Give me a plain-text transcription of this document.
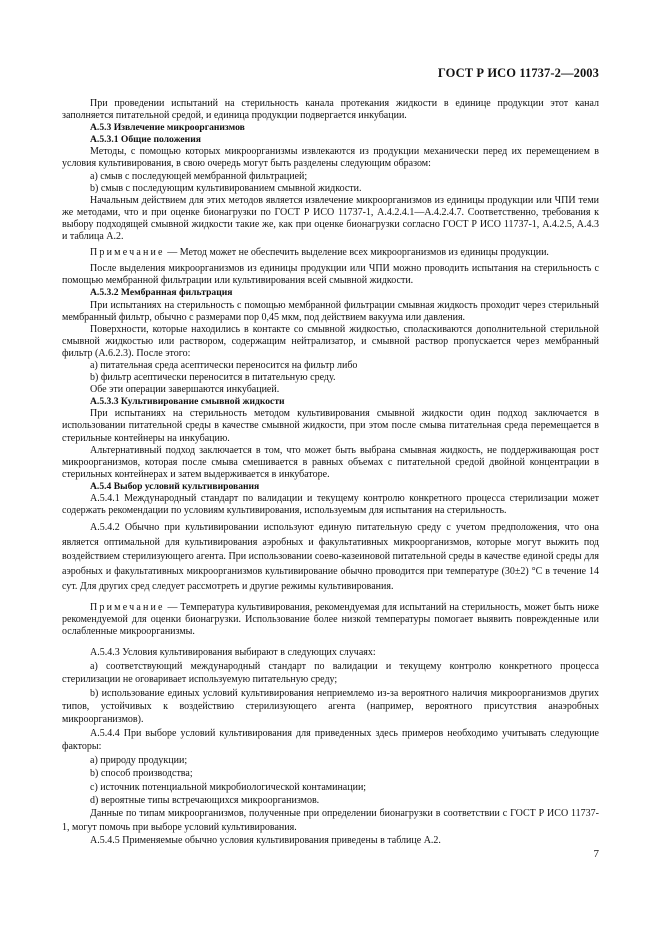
ГОСТ Р ИСО 11737-2—2003

При проведении испытаний на стерильность канала протекания жидкости в единице продукции этот канал заполняется питательной средой, и единица продукции подвергается инкубации.

A.5.3 Извлечение микроорганизмов

A.5.3.1 Общие положения

Методы, с помощью которых микроорганизмы извлекаются из продукции механически перед их перемещением в условия культивирования, в свою очередь могут быть разделены следующим образом:

a) смыв с последующей мембранной фильтрацией;

b) смыв с последующим культивированием смывной жидкости.

Начальным действием для этих методов является извлечение микроорганизмов из единицы продукции или ЧПИ теми же методами, что и при оценке бионагрузки по ГОСТ Р ИСО 11737-1, A.4.2.4.1—A.4.2.4.7. Соответственно, требования к выбору подходящей смывной жидкости такие же, как при оценке бионагрузки согласно ГОСТ Р ИСО 11737-1, A.4.2.5, A.4.3 и таблица A.2.

Примечание — Метод может не обеспечить выделение всех микроорганизмов из единицы продукции.

После выделения микроорганизмов из единицы продукции или ЧПИ можно проводить испытания на стерильность с помощью мембранной фильтрации или культивирования всей смывной жидкости.

A.5.3.2 Мембранная фильтрация

При испытаниях на стерильность с помощью мембранной фильтрации смывная жидкость проходит через стерильный мембранный фильтр, обычно с размерами пор 0,45 мкм, под действием вакуума или давления.

Поверхности, которые находились в контакте со смывной жидкостью, споласкиваются дополнительной стерильной смывной жидкостью или раствором, содержащим нейтрализатор, и смывной раствор пропускается через мембранный фильтр (A.6.2.3). После этого:

a) питательная среда асептически переносится на фильтр либо

b) фильтр асептически переносится в питательную среду.

Обе эти операции завершаются инкубацией.

A.5.3.3 Культивирование смывной жидкости

При испытаниях на стерильность методом культивирования смывной жидкости один подход заключается в использовании питательной среды в качестве смывной жидкости, при этом после смыва питательная среда перемещается в стерильные контейнеры на инкубацию.

Альтернативный подход заключается в том, что может быть выбрана смывная жидкость, не поддерживающая рост микроорганизмов, которая после смыва смешивается в равных объемах с питательной средой двойной концентрации в стерильных контейнерах и затем выдерживается в инкубаторе.

A.5.4 Выбор условий культивирования

A.5.4.1 Международный стандарт по валидации и текущему контролю конкретного процесса стерилизации может содержать рекомендации по условиям культивирования, используемым для испытания на стерильность.

A.5.4.2 Обычно при культивировании используют единую питательную среду с учетом предположения, что она является оптимальной для культивирования аэробных и факультативных микроорганизмов, которые могут выжить под воздействием стерилизующего агента. При использовании соево-казеиновой питательной среды в качестве единой среды для аэробных и факультативных микроорганизмов культивирование обычно проводится при температуре (30±2) °С в течение 14 сут. Для других сред следует рассмотреть и другие режимы культивирования.

Примечание — Температура культивирования, рекомендуемая для испытаний на стерильность, может быть ниже рекомендуемой для оценки бионагрузки. Использование более низкой температуры помогает выявить поврежденные или ослабленные микроорганизмы.

A.5.4.3 Условия культивирования выбирают в следующих случаях:

a) соответствующий международный стандарт по валидации и текущему контролю конкретного процесса стерилизации не оговаривает используемую питательную среду;

b) использование единых условий культивирования неприемлемо из-за вероятного наличия микроорганизмов других типов, устойчивых к воздействию стерилизующего агента (например, вероятного присутствия анаэробных микроорганизмов).

A.5.4.4 При выборе условий культивирования для приведенных здесь примеров необходимо учитывать следующие факторы:

a) природу продукции;

b) способ производства;

c) источник потенциальной микробиологической контаминации;

d) вероятные типы встречающихся микроорганизмов.

Данные по типам микроорганизмов, полученные при определении бионагрузки в соответствии с ГОСТ Р ИСО 11737-1, могут помочь при выборе условий культивирования.

A.5.4.5 Применяемые обычно условия культивирования приведены в таблице A.2.

7
